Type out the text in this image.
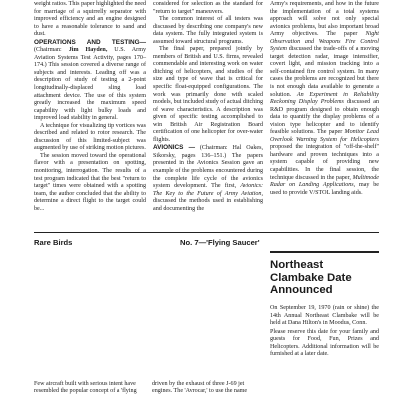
weight ratios. This paper highlighted the need for marriage of a squirrelly separator with improved efficiency and an engine designed to have a reasonable tolerance to sand and dust.

OPERATIONS AND TESTING—(Chairman: Jim Hayden, U.S. Army Aviation Systems Test Activity, pages 170–174.) This session covered a diverse range of subjects and interests. Leading off was a description of study of testing a 2-point longitudinally-displaced sling load attachment device. The use of this system greatly increased the maximum speed capability with light bulky loads and improved load stability in general.

A technique for visualizing tip vortices was described and related to rotor research. The discussion of this limited-subject was augmented by use of striking motion pictures.

The session moved toward the operational flavor with a presentation on spotting, monitoring, interrogation. The results of a test program indicated that the best "return to target" times were obtained with a spotting team, the author concluded that the ability to determine a direct flight to the target could be...

considered for selection as the standard for "return to target" maneuvers.

The common interest of all testers was discussed by describing one company's new data system. The fully integrated system is assumed toward structural programs.

The final paper, prepared jointly by members of British and U.S. firms, revealed commendable and interesting work on water ditching of helicopters, and studies of the size and type of wave that is critical for specific float-equipped configurations. The work was primarily done with scaled models, but included study of actual ditching of wave characteristics. A description was given of specific testing accomplished to win British Air Registration Board certification of one helicopter for over-water flights.

AVIONICS — (Chairman: Hal Oakes, Sikorsky, pages 136–151.) The papers presented in the Avionics Session gave an example of the problems encountered during the complete life cycle of the avionics system development. The first, Avionics: The Key to the Future of Army Aviation, discussed the methods used in establishing and documenting the

Army's requirements, and how in the future the implementation of a total systems approach will solve not only special avionics problems, but also important broad Army objectives. The paper Night Observation and Weapons Fire Control System discussed the trade-offs of a moving target detection radar, image intensifier, covert light, and mission tracking into a self-contained fire control system. In many cases the problems are recognized but there is not enough data available to generate a solution. An Experiment in Reliability Reckoning Display Problems discussed an R&D program designed to obtain enough data to quantify the display problems of a vision type helicopter and to identify feasible solutions. The paper Monitor Lead Overlook Warning System for Helicopters proposed the integration of "off-the-shelf" hardware and proven techniques into a system capable of providing new capabilities. In the final session, the technique discussed in the paper, Multimode Radar on Landing Applications, may be used to provide V/STOL landing aids.

Rare Birds	No. 7—'Flying Saucer'
Few aircraft built with serious intent have resembled the popular concept of a 'flying
driven by the exhaust of three J-69 jet engines. The 'Avrocar,' to use the name
Northeast Clambake Date Announced

On September 19, 1970 (rain or shine) the 14th Annual Northeast Clambake will be held at Dana Hilton's in Moodus, Conn.

Please reserve this date for your family and guests for Food, Fun, Prizes and Helicopters. Additional information will be furnished at a later date.
